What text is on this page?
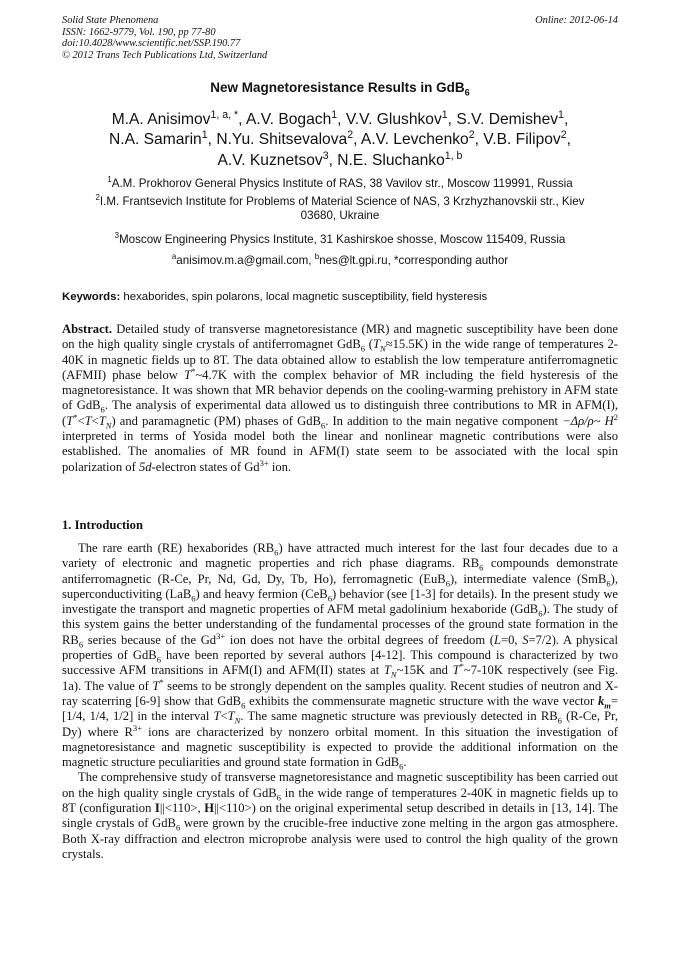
Solid State Phenomena
ISSN: 1662-9779, Vol. 190, pp 77-80
doi:10.4028/www.scientific.net/SSP.190.77
© 2012 Trans Tech Publications Ltd, Switzerland
Online: 2012-06-14
New Magnetoresistance Results in GdB$_6$
M.A. Anisimov$^{1, a, *}$, A.V. Bogach$^1$, V.V. Glushkov$^1$, S.V. Demishev$^1$,
N.A. Samarin$^1$, N.Yu. Shitsevalova$^2$, A.V. Levchenko$^2$, V.B. Filipov$^2$,
A.V. Kuznetsov$^3$, N.E. Sluchanko$^{1, b}$
$^1$A.M. Prokhorov General Physics Institute of RAS, 38 Vavilov str., Moscow 119991, Russia
$^2$I.M. Frantsevich Institute for Problems of Material Science of NAS, 3 Krzhyzhanovskii str., Kiev 03680, Ukraine
$^3$Moscow Engineering Physics Institute, 31 Kashirskoe shosse, Moscow 115409, Russia
$^a$anisimov.m.a@gmail.com, $^b$nes@lt.gpi.ru, *corresponding author
Keywords: hexaborides, spin polarons, local magnetic susceptibility, field hysteresis
Abstract. Detailed study of transverse magnetoresistance (MR) and magnetic susceptibility have been done on the high quality single crystals of antiferromagnet GdB$_6$ $(T_N\approx 15.5K)$ in the wide range of temperatures 2-40K in magnetic fields up to 8T. The data obtained allow to establish the low temperature antiferromagnetic (AFMII) phase below T*~4.7K with the complex behavior of MR including the field hysteresis of the magnetoresistance. It was shown that MR behavior depends on the cooling-warming prehistory in AFM state of GdB$_6$. The analysis of experimental data allowed us to distinguish three contributions to MR in AFM(I), $(T^*<T<T_N)$ and paramagnetic (PM) phases of GdB$_6$. In addition to the main negative component −Δρ/ρ~ $H^2$ interpreted in terms of Yosida model both the linear and nonlinear magnetic contributions were also established. The anomalies of MR found in AFM(I) state seem to be associated with the local spin polarization of 5d-electron states of $Gd^{3+}$ ion.
1. Introduction

The rare earth (RE) hexaborides $(RB_6)$ have attracted much interest for the last four decades due to a variety of electronic and magnetic properties and rich phase diagrams. $RB_6$ compounds demonstrate antiferromagnetic (R-Ce, Pr, Nd, Gd, Dy, Tb, Ho), ferromagnetic (EuB$_6$), intermediate valence (SmB$_6$), superconductiviting (LaB$_6$) and heavy fermion (CeB$_6$) behavior (see [1-3] for details). In the present study we investigate the transport and magnetic properties of AFM metal gadolinium hexaboride (GdB$_6$). The study of this system gains the better understanding of the fundamental processes of the ground state formation in the $RB_6$ series because of the $Gd^{3+}$ ion does not have the orbital degrees of freedom (L=0, S=7/2). A physical properties of GdB$_6$ have been reported by several authors [4-12]. This compound is characterized by two successive AFM transitions in AFM(I) and AFM(II) states at $T_N\sim 15K$ and T*~7-10K respectively (see Fig. 1a). The value of T* seems to be strongly dependent on the samples quality. Recent studies of neutron and X-ray scaterring [6-9] show that GdB$_6$ exhibits the commensurate magnetic structure with the wave vector $k_m=[1/4$, 1/4, 1/2] in the interval $T<T_N$. The same magnetic structure was previously detected in $RB_6$ (R-Ce, Pr, Dy) where $R^{3+}$ ions are characterized by nonzero orbital moment. In this situation the investigation of magnetoresistance and magnetic susceptibility is expected to provide the additional information on the magnetic structure peculiarities and ground state formation in GdB$_6$.

The comprehensive study of transverse magnetoresistance and magnetic susceptibility has been carried out on the high quality single crystals of GdB$_6$ in the wide range of temperatures 2-40K in magnetic fields up to 8T (configuration I||<110>, H||<110>) on the original experimental setup described in details in [13, 14]. The single crystals of GdB$_6$ were grown by the crucible-free inductive zone melting in the argon gas atmosphere. Both X-ray diffraction and electron microprobe analysis were used to control the high quality of the grown crystals.
